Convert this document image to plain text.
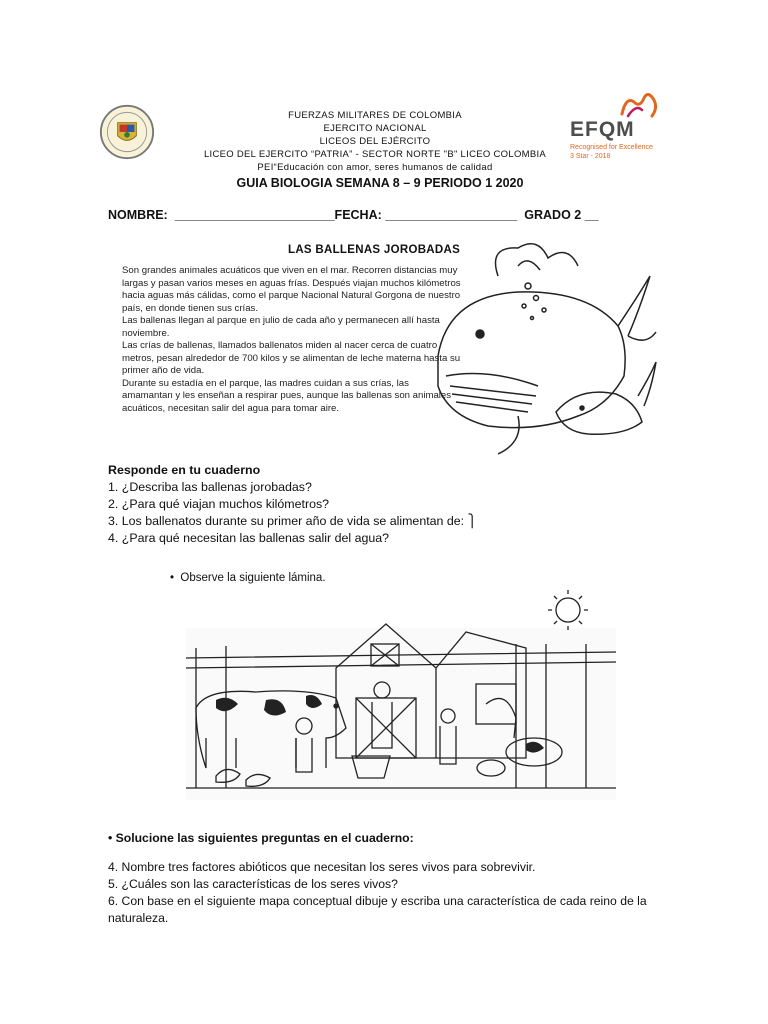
FUERZAS MILITARES DE COLOMBIA
EJERCITO NACIONAL
LICEOS DEL EJÉRCITO
LICEO DEL EJERCITO “PATRIA” - SECTOR NORTE "B" LICEO COLOMBIA
PEI“Educación con amor, seres humanos de calidad
EFQM
Recognised for Excellence
3 Star - 2018
GUIA BIOLOGIA SEMANA 8 – 9 PERIODO 1 2020
NOMBRE:  _______________________FECHA: ___________________  GRADO 2 __
LAS BALLENAS JOROBADAS

Son grandes animales acuáticos que viven en el mar. Recorren distancias muy largas y pasan varios meses en aguas frías. Después viajan muchos kilómetros hacia aguas más cálidas, como el parque Nacional Natural Gorgona de nuestro país, en donde tienen sus crías.

Las ballenas llegan al parque en julio de cada año y permanecen allí hasta noviembre.

Las crías de ballenas, llamados ballenatos miden al nacer cerca de cuatro metros, pesan alrededor de 700 kilos y se alimentan de leche materna hasta su primer año de vida.

Durante su estadía en el parque, las madres cuidan a sus crías, las amamantan y les enseñan a respirar pues, aunque las ballenas son animales acuáticos, necesitan salir del agua para tomar aire.

Responde en tu cuaderno
1. ¿Describa las ballenas jorobadas?
2. ¿Para qué viajan muchos kilómetros?
3. Los ballenatos durante su primer año de vida se alimentan de: ⎫
4. ¿Para qué necesitan las ballenas salir del agua?
•  Observe la siguiente lámina.
• Solucione las siguientes preguntas en el cuaderno:
4. Nombre tres factores abióticos que necesitan los seres vivos para sobrevivir.
5. ¿Cuáles son las características de los seres vivos?
6. Con base en el siguiente mapa conceptual dibuje y escriba una característica de cada reino de la naturaleza.
